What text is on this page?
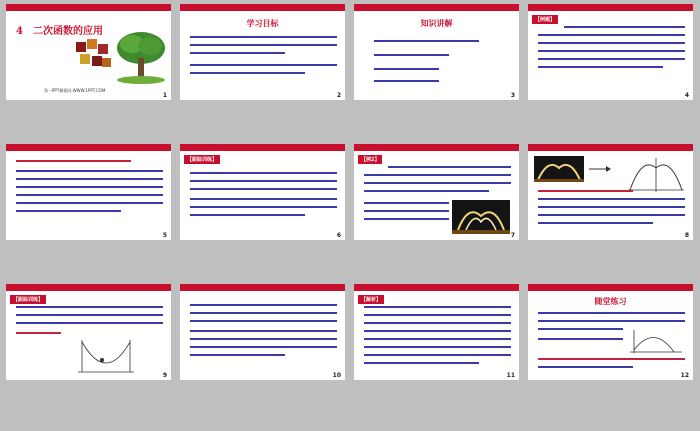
4　二次函数的应用
第一PPT模板网-WWW.1PPT.COM
1
学习目标
2
知识讲解
3
【例题】
4
5
【跟踪训练】
6
【例2】
7	8
【跟踪训练】
9	10
【解析】
11
随堂练习
12
